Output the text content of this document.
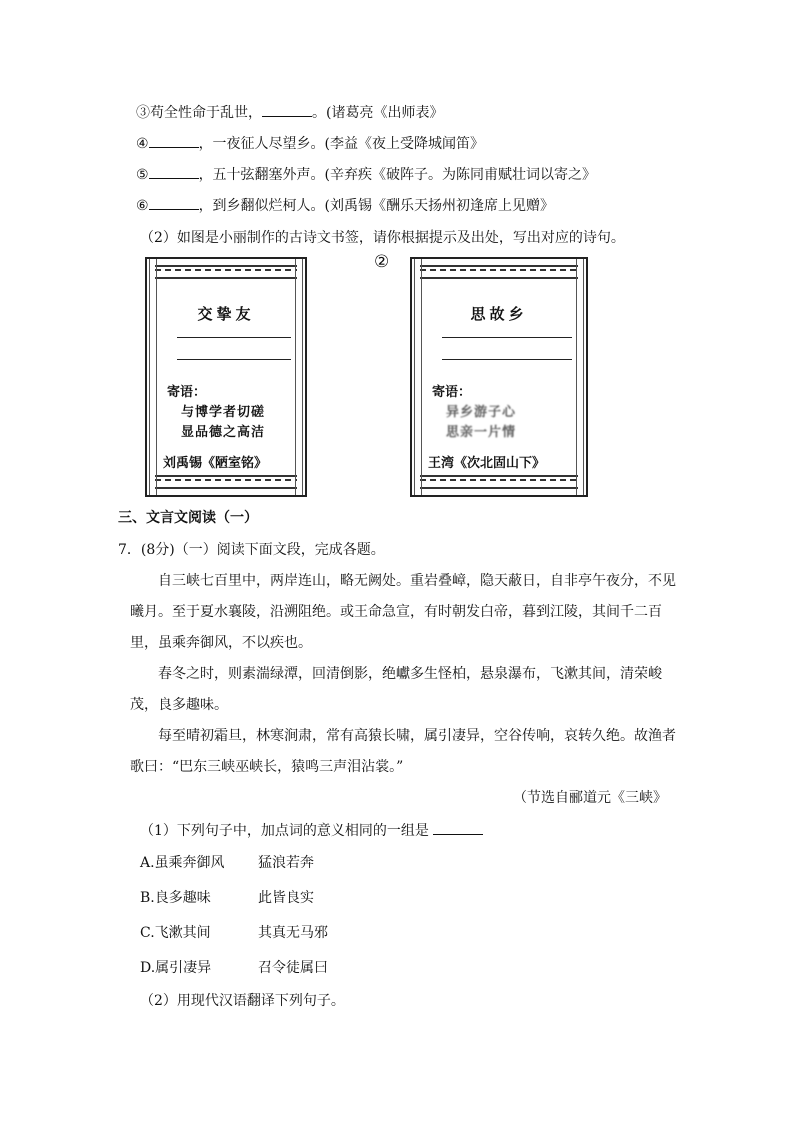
③苟全性命于乱世，	。(诸葛亮《出师表》
④	，一夜征人尽望乡。(李益《夜上受降城闻笛》
⑤	，五十弦翻塞外声。(辛弃疾《破阵子。为陈同甫赋壮词以寄之》
⑥	，到乡翻似烂柯人。(刘禹锡《酬乐天扬州初逢席上见赠》
（2）如图是小丽制作的古诗文书签，请你根据提示及出处，写出对应的诗句。
交挚友
寄语：
与博学者切磋
显品德之高洁
刘禹锡《陋室铭》
②
思故乡
寄语：
异乡游子心
思亲一片情
王湾《次北固山下》
三、文言文阅读（一）
7．(8分)（一）阅读下面文段，完成各题。
自三峡七百里中，两岸连山，略无阙处。重岩叠嶂，隐天蔽日，自非亭午夜分，不见曦月。至于夏水襄陵，沿溯阻绝。或王命急宣，有时朝发白帝，暮到江陵，其间千二百里，虽乘奔御风，不以疾也。
春冬之时，则素湍绿潭，回清倒影，绝巘多生怪柏，悬泉瀑布，飞漱其间，清荣峻茂，良多趣味。
每至晴初霜旦，林寒涧肃，常有高猿长啸，属引凄异，空谷传响，哀转久绝。故渔者歌曰：“巴东三峡巫峡长，猿鸣三声泪沾裳。”
（节选自郦道元《三峡》
（1）下列句子中，加点词的意义相同的一组是
A.虽乘奔御风 猛浪若奔
B.良多趣味	此皆良实
C.飞漱其间	其真无马邪
D.属引凄异	召令徒属曰
（2）用现代汉语翻译下列句子。
